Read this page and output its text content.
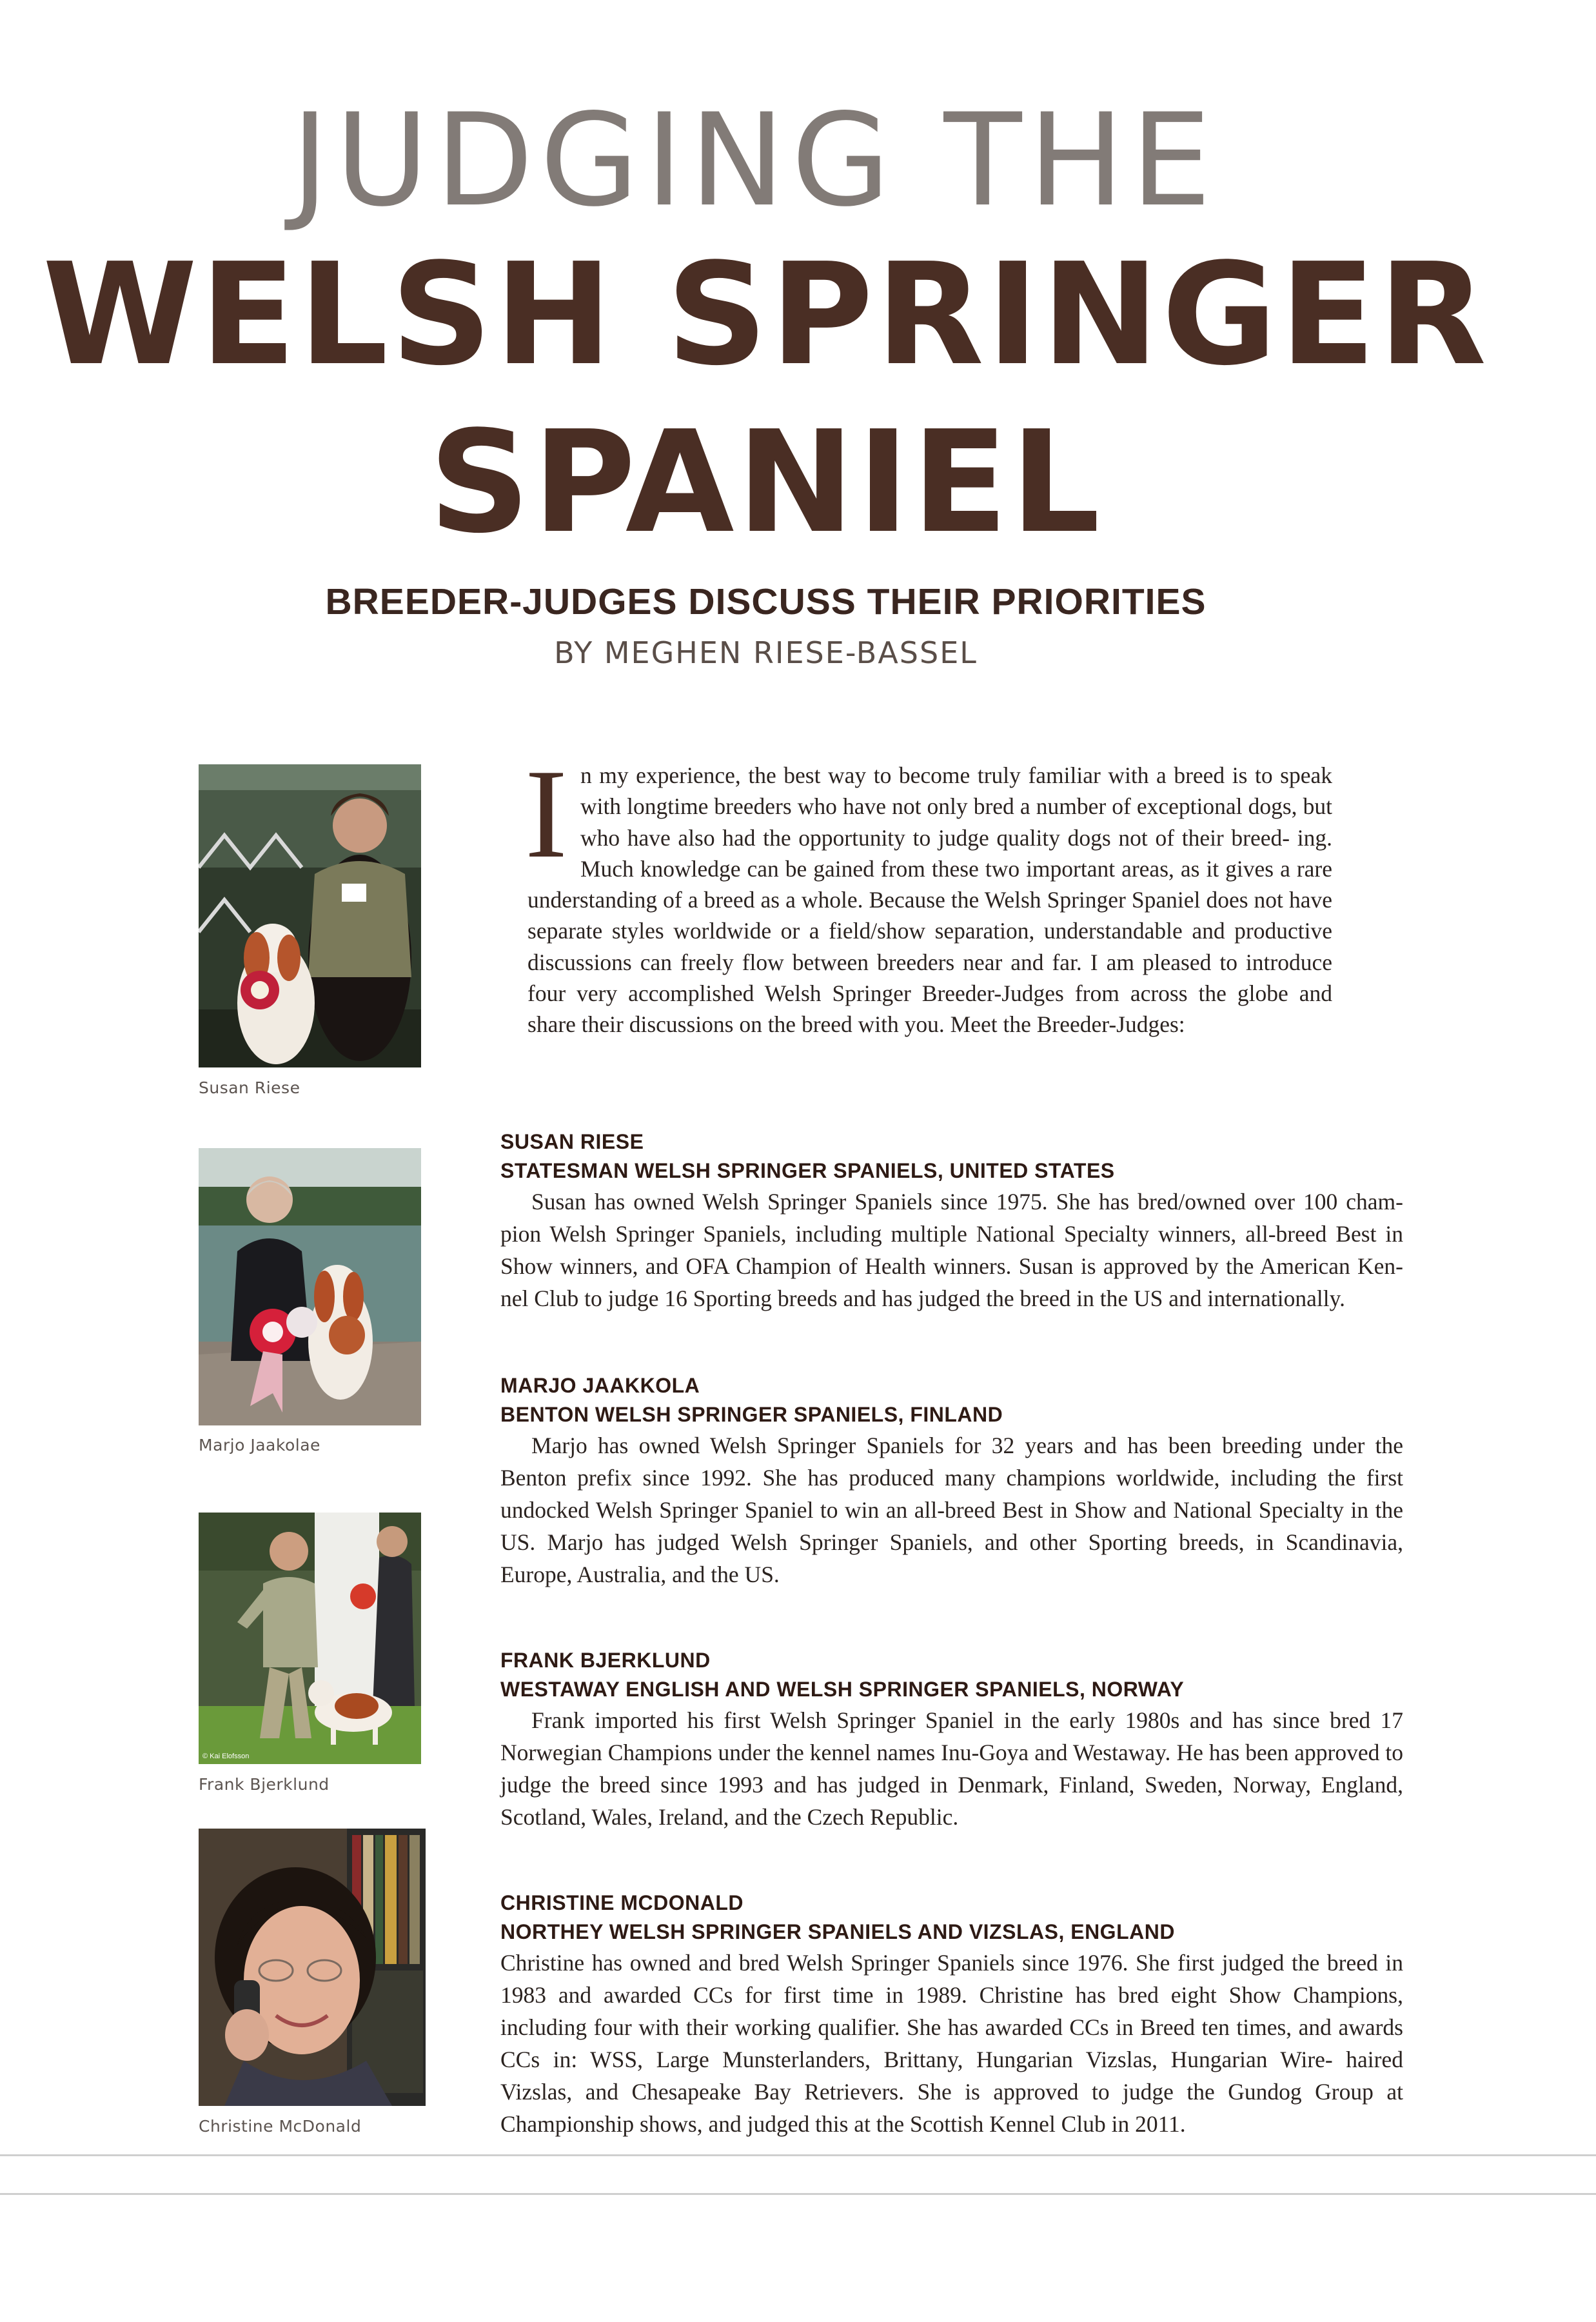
JUDGING THE
WELSH SPRINGER
SPANIEL
BREEDER-JUDGES DISCUSS THEIR PRIORITIES
BY MEGHEN RIESE-BASSEL
Susan Riese
In my experience, the best way to become truly familiar with a breed is to speak with longtime breeders who have not only bred a number of exceptional dogs, but who have also had the opportunity to judge quality dogs not of their breed- ing. Much knowledge can be gained from these two important areas, as it gives a rare understanding of a breed as a whole. Because the Welsh Springer Spaniel does not have separate styles worldwide or a field/show separation, understandable and productive discussions can freely flow between breeders near and far. I am pleased to introduce four very accomplished Welsh Springer Breeder-Judges from across the globe and share their discussions on the breed with you. Meet the Breeder-Judges:
SUSAN RIESE
STATESMAN WELSH SPRINGER SPANIELS, UNITED STATES
Susan has owned Welsh Springer Spaniels since 1975. She has bred/owned over 100 cham- pion Welsh Springer Spaniels, including multiple National Specialty winners, all-breed Best in Show winners, and OFA Champion of Health winners. Susan is approved by the American Ken- nel Club to judge 16 Sporting breeds and has judged the breed in the US and internationally.
Marjo Jaakolae
MARJO JAAKKOLA
BENTON WELSH SPRINGER SPANIELS, FINLAND
Marjo has owned Welsh Springer Spaniels for 32 years and has been breeding under the Benton prefix since 1992. She has produced many champions worldwide, including the first undocked Welsh Springer Spaniel to win an all-breed Best in Show and National Specialty in the US. Marjo has judged Welsh Springer Spaniels, and other Sporting breeds, in Scandinavia, Europe, Australia, and the US.
© Kai Elofsson
Frank Bjerklund
FRANK BJERKLUND
WESTAWAY ENGLISH AND WELSH SPRINGER SPANIELS, NORWAY
Frank imported his first Welsh Springer Spaniel in the early 1980s and has since bred 17 Norwegian Champions under the kennel names Inu-Goya and Westaway. He has been approved to judge the breed since 1993 and has judged in Denmark, Finland, Sweden, Norway, England, Scotland, Wales, Ireland, and the Czech Republic.
Christine McDonald
CHRISTINE MCDONALD
NORTHEY WELSH SPRINGER SPANIELS AND VIZSLAS, ENGLAND
Christine has owned and bred Welsh Springer Spaniels since 1976. She first judged the breed in 1983 and awarded CCs for first time in 1989. Christine has bred eight Show Champions, including four with their working qualifier. She has awarded CCs in Breed ten times, and awards CCs in: WSS, Large Munsterlanders, Brittany, Hungarian Vizslas, Hungarian Wire- haired Vizslas, and Chesapeake Bay Retrievers. She is approved to judge the Gundog Group at Championship shows, and judged this at the Scottish Kennel Club in 2011.
